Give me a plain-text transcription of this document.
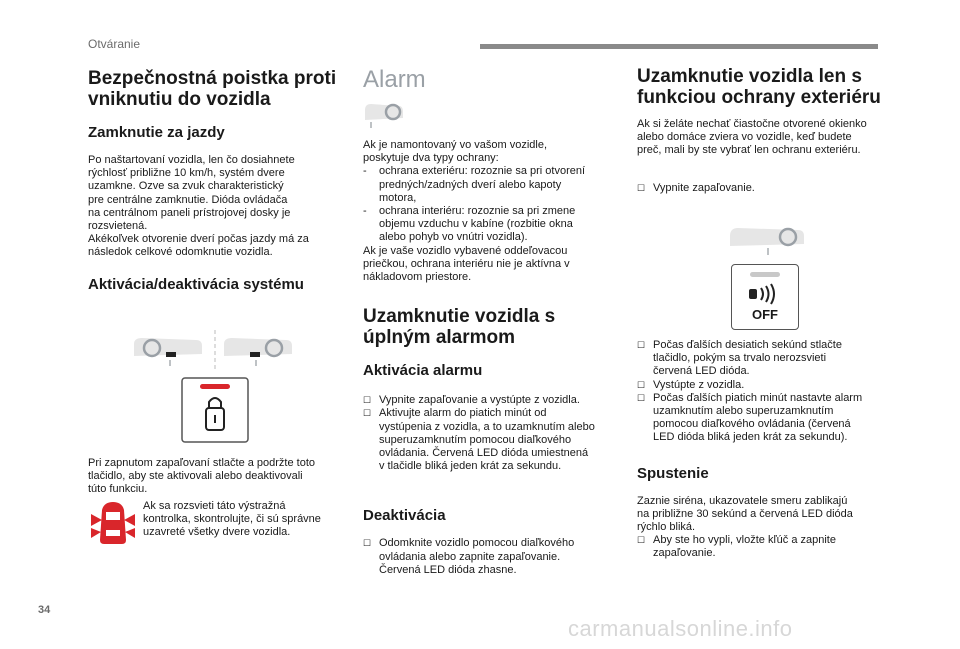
Otváranie
Bezpečnostná poistka proti vniknutiu do vozidla
Zamknutie za jazdy

Po naštartovaní vozidla, len čo dosiahnete
rýchlosť približne 10 km/h, systém dvere
uzamkne. Ozve sa zvuk charakteristický
pre centrálne zamknutie. Dióda ovládača
na centrálnom paneli prístrojovej dosky je
rozsvietená.
Akékoľvek otvorenie dverí počas jazdy má za
následok celkové odomknutie vozidla.

Aktivácia/deaktivácia systému

Pri zapnutom zapaľovaní stlačte a podržte toto
tlačidlo, aby ste aktivovali alebo deaktivovali
túto funkciu.

Ak sa rozsvieti táto výstražná
kontrolka, skontrolujte, či sú správne
uzavreté všetky dvere vozidla.

Alarm

Ak je namontovaný vo vašom vozidle,
poskytuje dva typy ochrany:

- ochrana exteriéru: rozoznie sa pri otvorení
predných/zadných dverí alebo kapoty
motora,
- ochrana interiéru: rozoznie sa pri zmene
objemu vzduchu v kabíne (rozbitie okna
alebo pohyb vo vnútri vozidla).

Ak je vaše vozidlo vybavené oddeľovacou
priečkou, ochrana interiéru nie je aktívna v
nákladovom priestore.

Uzamknutie vozidla s úplným alarmom
Aktivácia alarmu
☐ Vypnite zapaľovanie a vystúpte z vozidla.
☐ Aktivujte alarm do piatich minút od
vystúpenia z vozidla, a to uzamknutím alebo
superuzamknutím pomocou diaľkového
ovládania. Červená LED dióda umiestnená
v tlačidle bliká jeden krát za sekundu.
Deaktivácia
☐ Odomknite vozidlo pomocou diaľkového
ovládania alebo zapnite zapaľovanie.
Červená LED dióda zhasne.
Uzamknutie vozidla len s funkciou ochrany exteriéru

Ak si želáte nechať čiastočne otvorené okienko
alebo domáce zviera vo vozidle, keď budete
preč, mali by ste vybrať len ochranu exteriéru.

☐ Vypnite zapaľovanie.
OFF
☐ Počas ďalších desiatich sekúnd stlačte
tlačidlo, pokým sa trvalo nerozsvieti
červená LED dióda.
☐ Vystúpte z vozidla.
☐ Počas ďalších piatich minút nastavte alarm
uzamknutím alebo superuzamknutím
pomocou diaľkového ovládania (červená
LED dióda bliká jeden krát za sekundu).
Spustenie

Zaznie siréna, ukazovatele smeru zablikajú
na približne 30 sekúnd a červená LED dióda
rýchlo bliká.

☐ Aby ste ho vypli, vložte kľúč a zapnite
zapaľovanie.
34
carmanualsonline.info
